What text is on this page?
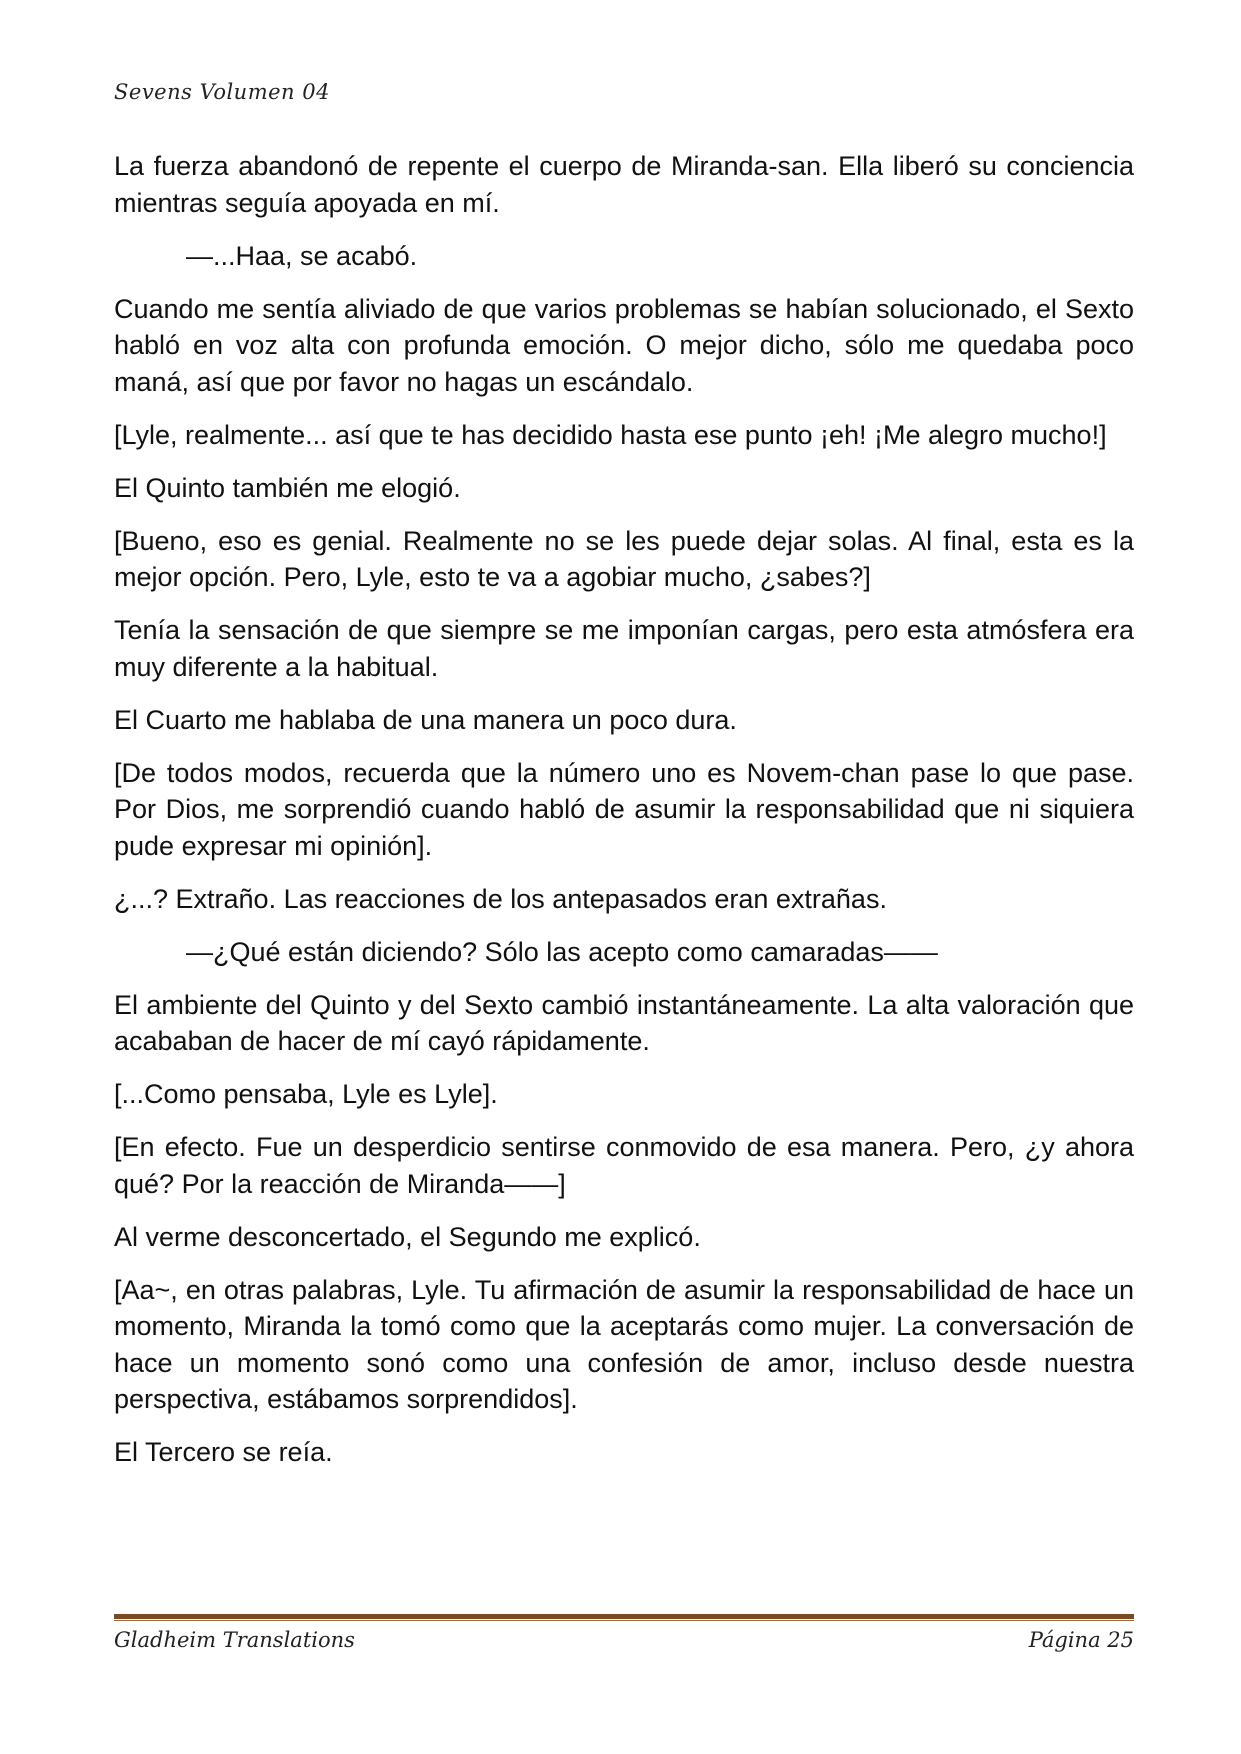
Sevens Volumen 04

La fuerza abandonó de repente el cuerpo de Miranda-san. Ella liberó su conciencia mientras seguía apoyada en mí.

—...Haa, se acabó.

Cuando me sentía aliviado de que varios problemas se habían solucionado, el Sexto habló en voz alta con profunda emoción. O mejor dicho, sólo me quedaba poco maná, así que por favor no hagas un escándalo.

[Lyle, realmente... así que te has decidido hasta ese punto ¡eh! ¡Me alegro mucho!]

El Quinto también me elogió.

[Bueno, eso es genial. Realmente no se les puede dejar solas. Al final, esta es la mejor opción. Pero, Lyle, esto te va a agobiar mucho, ¿sabes?]

Tenía la sensación de que siempre se me imponían cargas, pero esta atmósfera era muy diferente a la habitual.

El Cuarto me hablaba de una manera un poco dura.

[De todos modos, recuerda que la número uno es Novem-chan pase lo que pase. Por Dios, me sorprendió cuando habló de asumir la responsabilidad que ni siquiera pude expresar mi opinión].

¿...? Extraño. Las reacciones de los antepasados eran extrañas.

—¿Qué están diciendo? Sólo las acepto como camaradas——

El ambiente del Quinto y del Sexto cambió instantáneamente. La alta valoración que acababan de hacer de mí cayó rápidamente.

[...Como pensaba, Lyle es Lyle].

[En efecto. Fue un desperdicio sentirse conmovido de esa manera. Pero, ¿y ahora qué? Por la reacción de Miranda——]

Al verme desconcertado, el Segundo me explicó.

[Aa~, en otras palabras, Lyle. Tu afirmación de asumir la responsabilidad de hace un momento, Miranda la tomó como que la aceptarás como mujer. La conversación de hace un momento sonó como una confesión de amor, incluso desde nuestra perspectiva, estábamos sorprendidos].

El Tercero se reía.

Gladheim Translations	Página 25
